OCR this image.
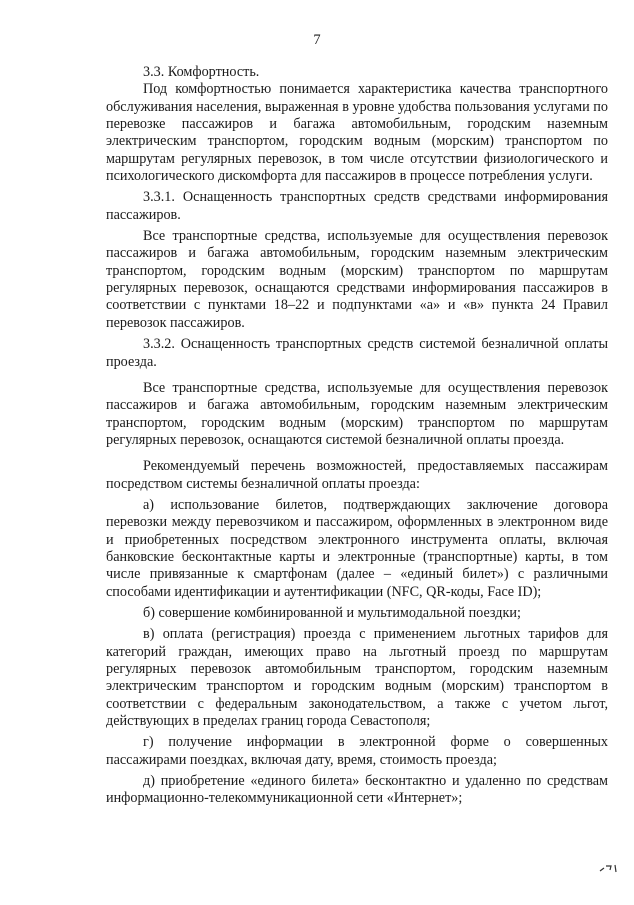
7

3.3. Комфортность.

Под комфортностью понимается характеристика качества транспортного обслуживания населения, выраженная в уровне удобства пользования услугами по перевозке пассажиров и багажа автомобильным, городским наземным электрическим транспортом, городским водным (морским) транспортом по маршрутам регулярных перевозок, в том числе отсутствии физиологического и психологического дискомфорта для пассажиров в процессе потребления услуги.

3.3.1. Оснащенность транспортных средств средствами информирования пассажиров.

Все транспортные средства, используемые для осуществления перевозок пассажиров и багажа автомобильным, городским наземным электрическим транспортом, городским водным (морским) транспортом по маршрутам регулярных перевозок, оснащаются средствами информирования пассажиров в соответствии с пунктами 18–22 и подпунктами «а» и «в» пункта 24 Правил перевозок пассажиров.

3.3.2. Оснащенность транспортных средств системой безналичной оплаты проезда.

Все транспортные средства, используемые для осуществления перевозок пассажиров и багажа автомобильным, городским наземным электрическим транспортом, городским водным (морским) транспортом по маршрутам регулярных перевозок, оснащаются системой безналичной оплаты проезда.

Рекомендуемый перечень возможностей, предоставляемых пассажирам посредством системы безналичной оплаты проезда:

а) использование билетов, подтверждающих заключение договора перевозки между перевозчиком и пассажиром, оформленных в электронном виде и приобретенных посредством электронного инструмента оплаты, включая банковские бесконтактные карты и электронные (транспортные) карты, в том числе привязанные к смартфонам (далее – «единый билет») с различными способами идентификации и аутентификации (NFC, QR-коды, Face ID);

б) совершение комбинированной и мультимодальной поездки;

в) оплата (регистрация) проезда с применением льготных тарифов для категорий граждан, имеющих право на льготный проезд по маршрутам регулярных перевозок автомобильным транспортом, городским наземным электрическим транспортом и городским водным (морским) транспортом в соответствии с федеральным законодательством, а также с учетом льгот, действующих в пределах границ города Севастополя;

г) получение информации в электронной форме о совершенных пассажирами поездках, включая дату, время, стоимость проезда;

д) приобретение «единого билета» бесконтактно и удаленно по средствам информационно-телекоммуникационной сети «Интернет»;
